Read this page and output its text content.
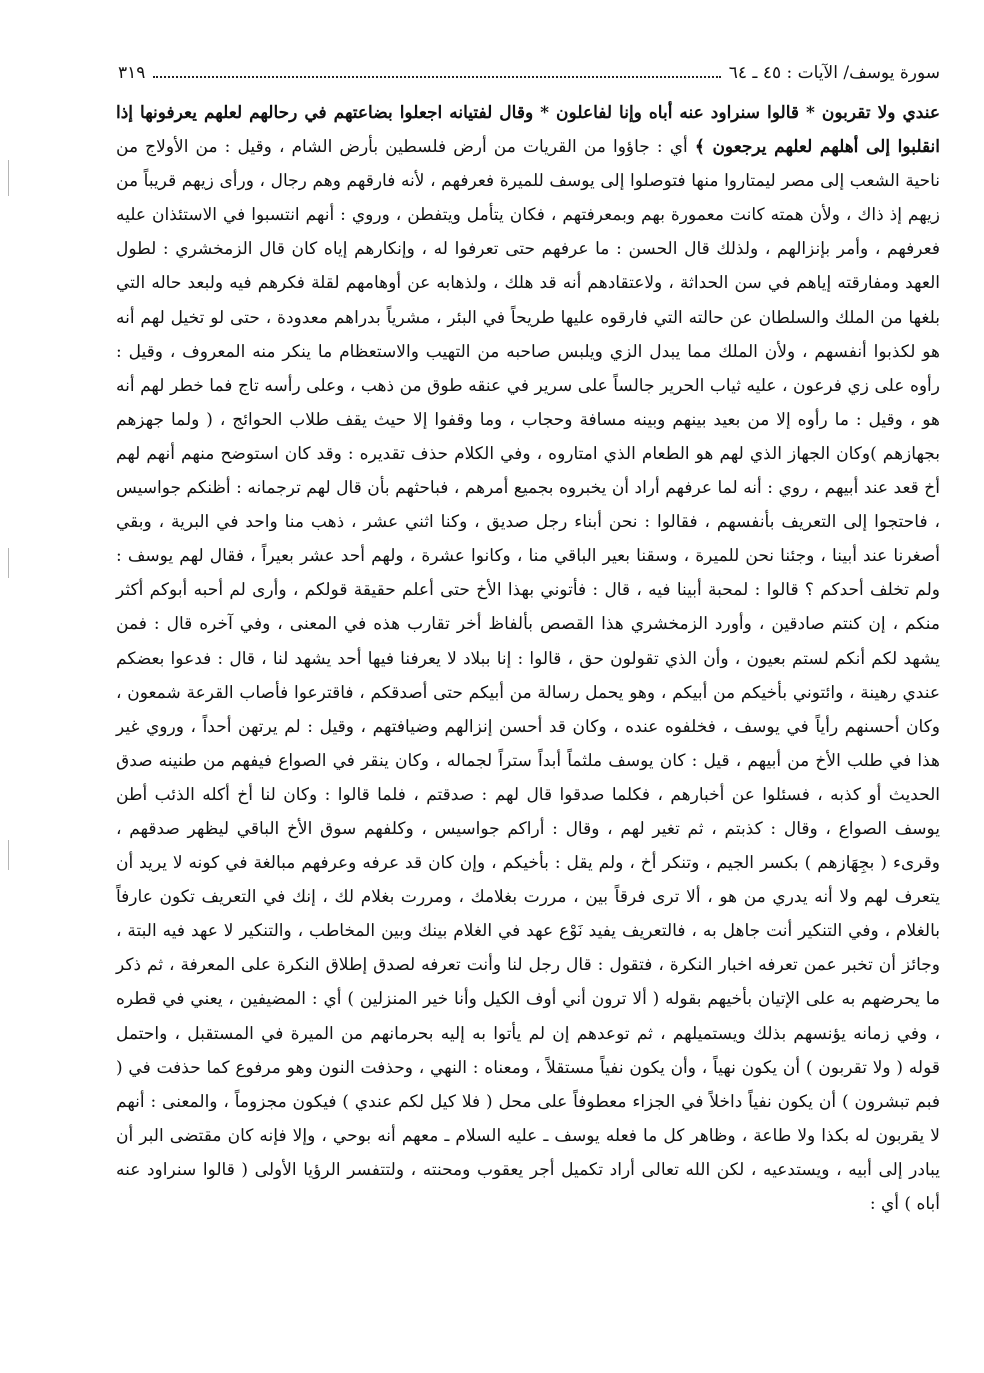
سورة يوسف/ الآيات : ٤٥ ـ ٦٤
٣١٩

عندي ولا تقربون * قالوا سنراود عنه أباه وإنا لفاعلون * وقال لفتيانه اجعلوا بضاعتهم في رحالهم لعلهم يعرفونها إذا انقلبوا إلى أهلهم لعلهم يرجعون ﴾ أي : جاؤوا من القريات من أرض فلسطين بأرض الشام ، وقيل : من الأولاج من ناحية الشعب إلى مصر ليمتاروا منها فتوصلوا إلى يوسف للميرة فعرفهم ، لأنه فارقهم وهم رجال ، ورأى زيهم قريباً من زيهم إذ ذاك ، ولأن همته كانت معمورة بهم وبمعرفتهم ، فكان يتأمل ويتفطن ، وروي : أنهم انتسبوا في الاستئذان عليه فعرفهم ، وأمر بإنزالهم ، ولذلك قال الحسن : ما عرفهم حتى تعرفوا له ، وإنكارهم إياه كان قال الزمخشري : لطول العهد ومفارقته إياهم في سن الحداثة ، ولاعتقادهم أنه قد هلك ، ولذهابه عن أوهامهم لقلة فكرهم فيه ولبعد حاله التي بلغها من الملك والسلطان عن حالته التي فارقوه عليها طريحاً في البئر ، مشرياً بدراهم معدودة ، حتى لو تخيل لهم أنه هو لكذبوا أنفسهم ، ولأن الملك مما يبدل الزي ويلبس صاحبه من التهيب والاستعظام ما ينكر منه المعروف ، وقيل : رأوه على زي فرعون ، عليه ثياب الحرير جالساً على سرير في عنقه طوق من ذهب ، وعلى رأسه تاج فما خطر لهم أنه هو ، وقيل : ما رأوه إلا من بعيد بينهم وبينه مسافة وحجاب ، وما وقفوا إلا حيث يقف طلاب الحوائج ، ( ولما جهزهم بجهازهم )وكان الجهاز الذي لهم هو الطعام الذي امتاروه ، وفي الكلام حذف تقديره : وقد كان استوضح منهم أنهم لهم أخ قعد عند أبيهم ، روي : أنه لما عرفهم أراد أن يخبروه بجميع أمرهم ، فباحثهم بأن قال لهم ترجمانه : أظنكم جواسيس ، فاحتجوا إلى التعريف بأنفسهم ، فقالوا : نحن أبناء رجل صديق ، وكنا اثني عشر ، ذهب منا واحد في البرية ، وبقي أصغرنا عند أبينا ، وجئنا نحن للميرة ، وسقنا بعير الباقي منا ، وكانوا عشرة ، ولهم أحد عشر بعيراً ، فقال لهم يوسف : ولم تخلف أحدكم ؟ قالوا : لمحبة أبينا فيه ، قال : فأتوني بهذا الأخ حتى أعلم حقيقة قولكم ، وأرى لم أحبه أبوكم أكثر منكم ، إن كنتم صادقين ، وأورد الزمخشري هذا القصص بألفاظ أخر تقارب هذه في المعنى ، وفي آخره قال : فمن يشهد لكم أنكم لستم بعيون ، وأن الذي تقولون حق ، قالوا : إنا ببلاد لا يعرفنا فيها أحد يشهد لنا ، قال : فدعوا بعضكم عندي رهينة ، وائتوني بأخيكم من أبيكم ، وهو يحمل رسالة من أبيكم حتى أصدقكم ، فاقترعوا فأصاب القرعة شمعون ، وكان أحسنهم رأياً في يوسف ، فخلفوه عنده ، وكان قد أحسن إنزالهم وضيافتهم ، وقيل : لم يرتهن أحداً ، وروي غير هذا في طلب الأخ من أبيهم ، قيل : كان يوسف ملثماً أبداً ستراً لجماله ، وكان ينقر في الصواع فيفهم من طنينه صدق الحديث أو كذبه ، فسئلوا عن أخبارهم ، فكلما صدقوا قال لهم : صدقتم ، فلما قالوا : وكان لنا أخ أكله الذئب أطن يوسف الصواع ، وقال : كذبتم ، ثم تغير لهم ، وقال : أراكم جواسيس ، وكلفهم سوق الأخ الباقي ليظهر صدقهم ، وقرىء ( بجِهَازهم ) بكسر الجيم ، وتنكر أخ ، ولم يقل : بأخيكم ، وإن كان قد عرفه وعرفهم مبالغة في كونه لا يريد أن يتعرف لهم ولا أنه يدري من هو ، ألا ترى فرقاً بين ، مررت بغلامك ، ومررت بغلام لك ، إنك في التعريف تكون عارفاً بالغلام ، وفي التنكير أنت جاهل به ، فالتعريف يفيد نَوْع عهد في الغلام بينك وبين المخاطب ، والتنكير لا عهد فيه البتة ، وجائز أن تخبر عمن تعرفه اخبار النكرة ، فتقول : قال رجل لنا وأنت تعرفه لصدق إطلاق النكرة على المعرفة ، ثم ذكر ما يحرضهم به على الإتيان بأخيهم بقوله ( ألا ترون أني أوف الكيل وأنا خير المنزلين ) أي : المضيفين ، يعني في قطره ، وفي زمانه يؤنسهم بذلك ويستميلهم ، ثم توعدهم إن لم يأتوا به إليه بحرمانهم من الميرة في المستقبل ، واحتمل قوله ( ولا تقربون ) أن يكون نهياً ، وأن يكون نفياً مستقلاً ، ومعناه : النهي ، وحذفت النون وهو مرفوع كما حذفت في ( فبم تبشرون ) أن يكون نفياً داخلاً في الجزاء معطوفاً على محل ( فلا كيل لكم عندي ) فيكون مجزوماً ، والمعنى : أنهم لا يقربون له بكذا ولا طاعة ، وظاهر كل ما فعله يوسف ـ عليه السلام ـ معهم أنه بوحي ، وإلا فإنه كان مقتضى البر أن يبادر إلى أبيه ، ويستدعيه ، لكن الله تعالى أراد تكميل أجر يعقوب ومحنته ، ولتتفسر الرؤيا الأولى ( قالوا سنراود عنه أباه ) أي :
